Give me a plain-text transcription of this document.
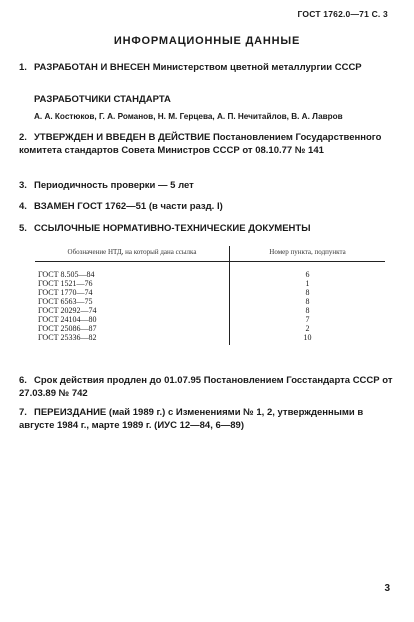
ГОСТ 1762.0—71 С. 3
ИНФОРМАЦИОННЫЕ ДАННЫЕ
1. РАЗРАБОТАН И ВНЕСЕН Министерством цветной металлургии СССР
РАЗРАБОТЧИКИ СТАНДАРТА
А. А. Костюков, Г. А. Романов, Н. М. Герцева, А. П. Нечитайлов, В. А. Лавров
2. УТВЕРЖДЕН И ВВЕДЕН В ДЕЙСТВИЕ Постановлением Государственного комитета стандартов Совета Министров СССР от 08.10.77 № 141
3. Периодичность проверки — 5 лет
4. ВЗАМЕН ГОСТ 1762—51 (в части разд. I)
5. ССЫЛОЧНЫЕ НОРМАТИВНО-ТЕХНИЧЕСКИЕ ДОКУМЕНТЫ
Обозначение НТД, на который дана ссылка	Номер пункта, подпункта
ГОСТ 8.505—84	6
ГОСТ 1521—76	1
ГОСТ 1770—74	8
ГОСТ 6563—75	8
ГОСТ 20292—74	8
ГОСТ 24104—80	7
ГОСТ 25086—87	2
ГОСТ 25336—82	10
6. Срок действия продлен до 01.07.95 Постановлением Госстандарта СССР от 27.03.89 № 742
7. ПЕРЕИЗДАНИЕ (май 1989 г.) с Изменениями № 1, 2, утвержденными в августе 1984 г., марте 1989 г. (ИУС 12—84, 6—89)
3
